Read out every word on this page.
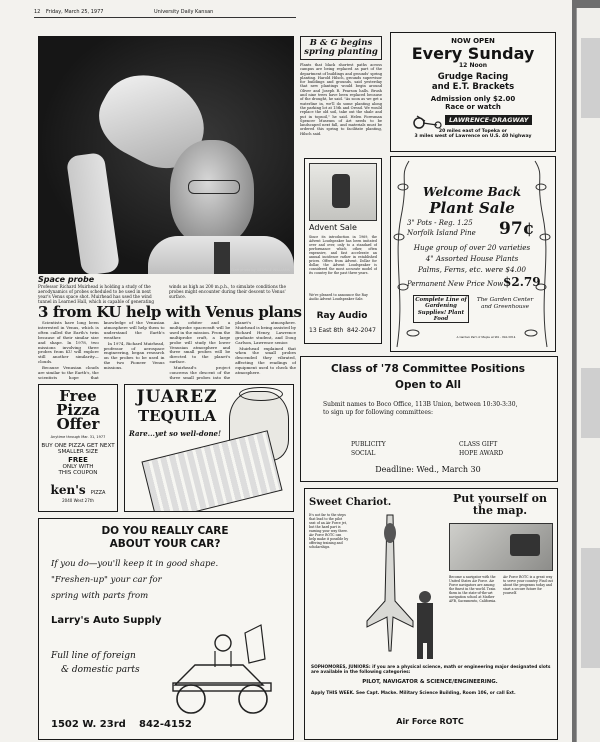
12 Friday, March 25, 1977	University Daily Kansan
Staff photo by GEORGE WILLIAMS
Space probe
Professor Richard Muirhead is holding a study of the aerodynamics of probes scheduled to be used in next year's Venus space shot. Muirhead has used the wind tunnel in Learned Hall, which is capable of generating winds as high as 200 m.p.h., to simulate conditions the probes might encounter during their descent to Venus' surface.
3 from KU help with Venus plans

Scientists have long been interested in Venus, which is often called the Earth's twin because of their similar size and shape. In 1978, two missions involving three probes from KU will explore still another similarity—clouds.

Because Venusian clouds are similar to the Earth's, the scientists hope that knowledge of the Venusian atmosphere will help them to understand the Earth's weather.

In 1974, Richard Muirhead, professor of aerospace engineering, began research on the probes to be used in the two Pioneer Venus missions.

An orbiter and a multiprobe spacecraft will be used in the mission. From the multiprobe craft, a large probe will study the lower Venusian atmosphere and three small probes will be directed to the planet's surface.

Muirhead's project concerns the descent of the three small probes into the planet's atmosphere. Muirhead is being assisted by Richard Henry, Lawrence graduate student, and Doug Carlson, Lawrence senior.

Muirhead explained that when the small probes descended they vibrated, affecting the readings of equipment used to check the atmosphere.

Free
Pizza
Offer
Anytime through Mar. 31, 1977
BUY ONE PIZZA GET NEXT SMALLER SIZE
FREE
ONLY WITH
THIS COUPON
ken's PIZZA
2040 West 27th
JUAREZ
TEQUILA
Rare...yet so well-done!
DO YOU REALLY CARE
ABOUT YOUR CAR?
If you do—you'll keep it in good shape.
"Freshen-up" your car for
spring with parts from
Larry's Auto Supply
Full line of foreign
& domestic parts
1502 W. 23rd 842-4152
B & G begins spring planting
Plants that black shortest paths across campus are being replaced as part of the department of buildings and grounds' spring planting. Harold Hilsch, grounds supervisor for buildings and grounds, said yesterday that new plantings would begin around Oliver and Joseph R. Pearson halls. Brush and nine trees have been replaced because of the drought, he said. "As soon as we get a waterline in, we'll do some planting along the parking lot at 15th and Oread. We would replace the old soil, take out the shale and put in topsoil," he said. Helen Foresman Spencer Museum of Art needs to be landscaped next fall, and materials must be ordered this spring to facilitate planting, Hilsch said.
Advent Sale
Since its introduction in 1969, the Advent Loudspeaker has been imitated over and over, only to a standard of performance which other, often expensive, and fast accelerate an annual incidence rather in established prices. Offers from Advent. Dollar for dollar, the Advent Loudspeaker is considered the most accurate model of its country for the past three years.
We're pleased to announce the Ray Audio Advent Loudspeaker Sale.
Ray Audio
13 East 8th 842-2047
NOW OPEN
Every Sunday
12 Noon
Grudge Racing
and E.T. Brackets
Admission only $2.00
Race or watch
LAWRENCE-DRAGWAY
20 miles east of Topeka or
3 miles west of Lawrence on U.S. 40 highway
Welcome Back
Plant Sale
3" Pots - Reg. 1.25
Norfolk Island Pine 97¢
Huge group of over 20 varieties
4" Assorted House Plants
Palms, Ferns, etc. were $4.00
Permanent New Price Now $2.79
Complete Line of Gardening Supplies! Plant Food
The Garden Center and Greenhouse
A Garden Part of Maple at 9th - 842-5814
Class of '78 Committee Positions
Open to All
Submit names to Boco Office, 113B Union, between 10:30-3:30, to sign up for following committees:
PUBLICITY
SOCIAL
CLASS GIFT
HOPE AWARD
Deadline: Wed., March 30
Sweet Chariot.	Put yourself on the map.
It's not far to the steps that lead to the pilot seat of an Air Force jet, but the hard part is earning your way there. Air Force ROTC can help make it possible by offering training and scholarships.
Become a navigator with the United States Air Force. Air Force navigators are among the finest in the world. Train them in the state-of-the-art navigation school at Mather AFB, Sacramento, California.
Air Force ROTC is a great way to serve your country. Find out about the programs today and start a secure future for yourself.
SOPHOMORES, JUNIORS: if you are a physical science, math or engineering major designated slots are available in the following categories:
PILOT, NAVIGATOR & SCIENCE/ENGINEERING.
Apply THIS WEEK. See Capt. Macke. Military Science Building, Room 106, or call Ext.
Air Force ROTC
